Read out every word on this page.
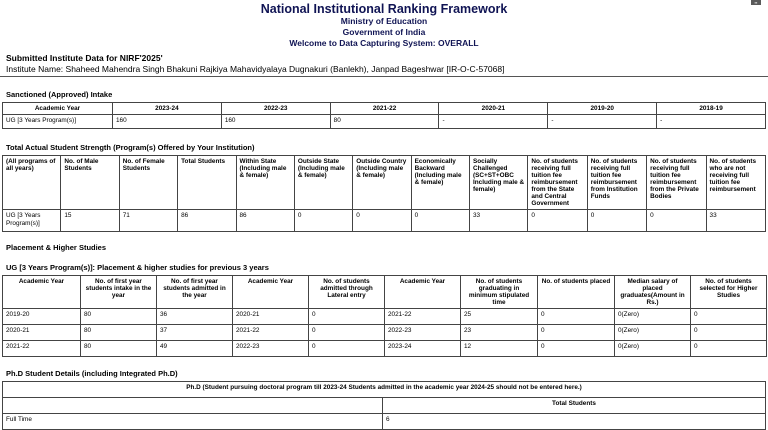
▪▪
National Institutional Ranking Framework
Ministry of Education
Government of India
Welcome to Data Capturing System: OVERALL
Submitted Institute Data for NIRF'2025'
Institute Name: Shaheed Mahendra Singh Bhakuni Rajkiya Mahavidyalaya Dugnakuri (Banlekh), Janpad Bageshwar [IR-O-C-57068]
Sanctioned (Approved) Intake
Academic Year	2023-24	2022-23	2021-22	2020-21	2019-20	2018-19
UG [3 Years Program(s)]	160	160	80	-	-	-
Total Actual Student Strength (Program(s) Offered by Your Institution)
(All programs of all years)	No. of Male Students	No. of Female Students	Total Students	Within State (Including male & female)	Outside State (Including male & female)	Outside Country (Including male & female)	Economically Backward (Including male & female)	Socially Challenged (SC+ST+OBC Including male & female)	No. of students receiving full tuition fee reimbursement from the State and Central Government	No. of students receiving full tuition fee reimbursement from Institution Funds	No. of students receiving full tuition fee reimbursement from the Private Bodies	No. of students who are not receiving full tuition fee reimbursement
UG [3 Years Program(s)]	15	71	86	86	0	0	0	33	0	0	0	33
Placement & Higher Studies
UG [3 Years Program(s)]: Placement & higher studies for previous 3 years
Academic Year	No. of first year students intake in the year	No. of first year students admitted in the year	Academic Year	No. of students admitted through Lateral entry	Academic Year	No. of students graduating in minimum stipulated time	No. of students placed	Median salary of placed graduates(Amount in Rs.)	No. of students selected for Higher Studies
2019-20	80	36	2020-21	0	2021-22	25	0	0(Zero)	0
2020-21	80	37	2021-22	0	2022-23	23	0	0(Zero)	0
2021-22	80	49	2022-23	0	2023-24	12	0	0(Zero)	0
Ph.D Student Details (including Integrated Ph.D)
Ph.D (Student pursuing doctoral program till 2023-24 Students admitted in the academic year 2024-25 should not be entered here.)	
	Total Students
Full Time	6
